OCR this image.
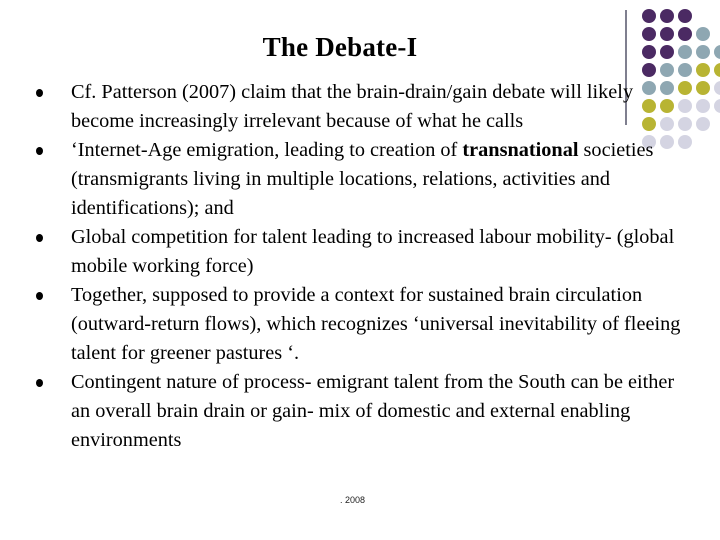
The Debate-I
Cf. Patterson (2007) claim that the brain-drain/gain debate will likely become increasingly irrelevant because of what he calls
‘Internet-Age emigration, leading to creation of transnational societies (transmigrants living in multiple locations, relations, activities and identifications); and
Global competition for talent leading to increased labour mobility- (global mobile working force)
Together, supposed to provide a context for sustained brain circulation (outward-return flows), which recognizes ‘universal inevitability of fleeing talent for greener pastures ‘.
Contingent nature of process- emigrant talent from the South can be either an overall brain drain or gain- mix of domestic and external enabling environments
. 2008
